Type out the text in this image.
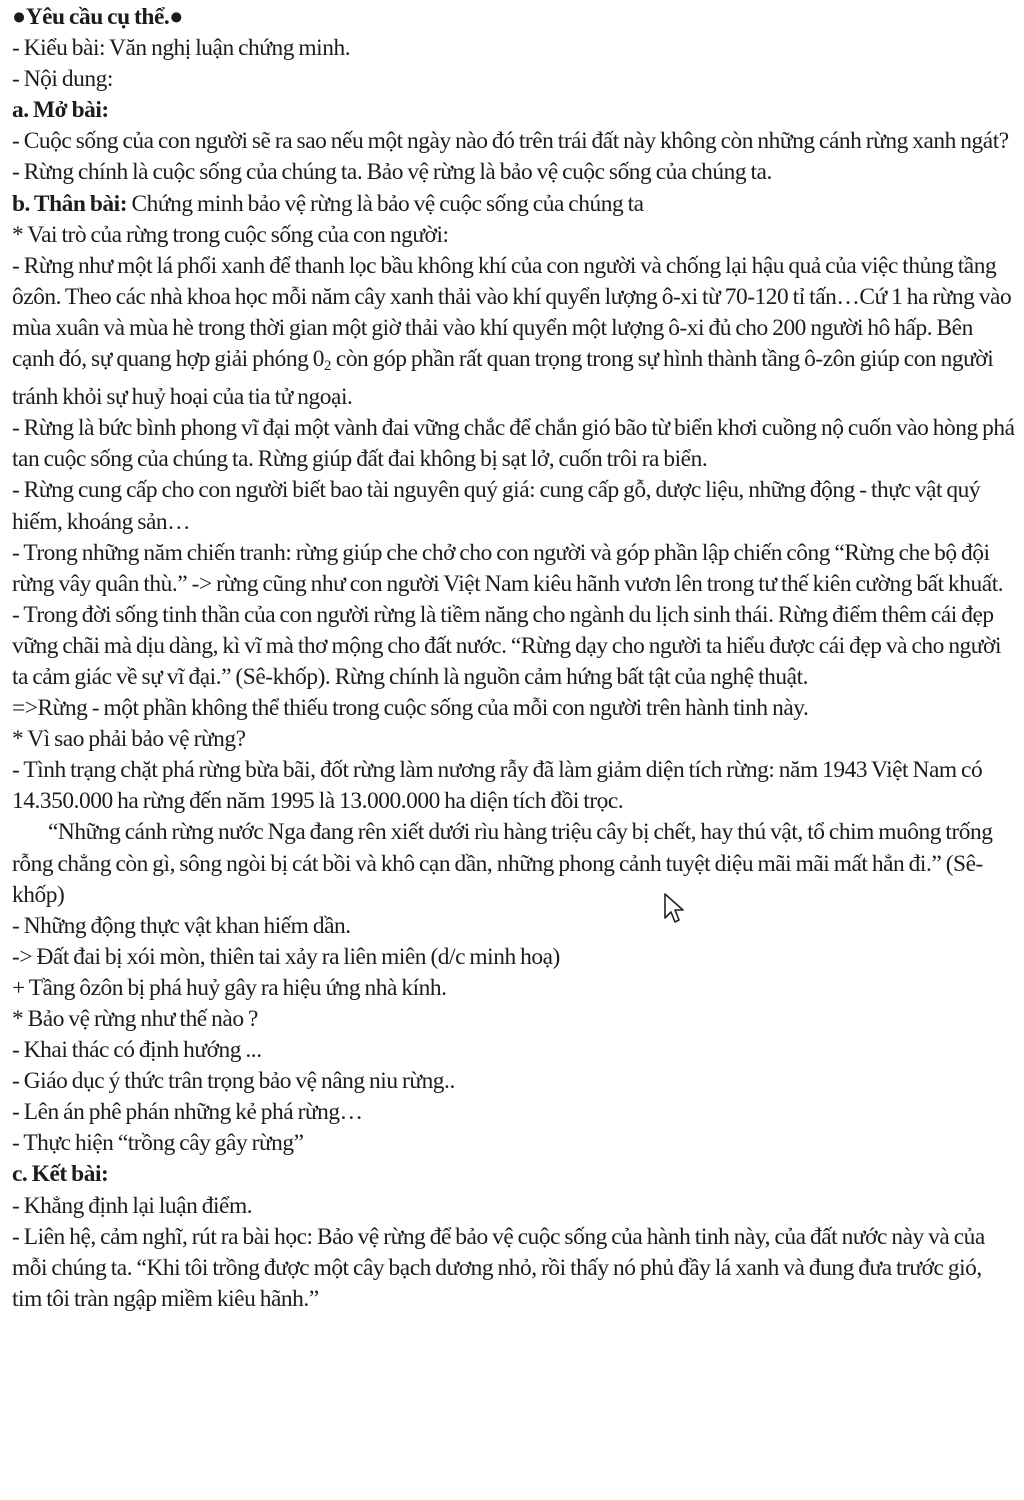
●Yêu cầu cụ thể.●

- Kiểu bài: Văn nghị luận chứng minh.

- Nội dung:

a. Mở bài:

- Cuộc sống của con người sẽ ra sao nếu một ngày nào đó trên trái đất này không còn những cánh rừng xanh ngát?

- Rừng chính là cuộc sống của chúng ta. Bảo vệ rừng là bảo vệ cuộc sống của chúng ta.

b. Thân bài: Chứng minh bảo vệ rừng là bảo vệ cuộc sống của chúng ta

* Vai trò của rừng trong cuộc sống của con người:

- Rừng như một lá phổi xanh để thanh lọc bầu không khí của con người và chống lại hậu quả của việc thủng tầng ôzôn. Theo các nhà khoa học mỗi năm cây xanh thải vào khí quyển lượng ô-xi từ 70-120 tỉ tấn…Cứ 1 ha rừng vào mùa xuân và mùa hè trong thời gian một giờ thải vào khí quyển một lượng ô-xi đủ cho 200 người hô hấp. Bên cạnh đó, sự quang hợp giải phóng $0_2$ còn góp phần rất quan trọng trong sự hình thành tầng ô-zôn giúp con người tránh khỏi sự huỷ hoại của tia tử ngoại.

- Rừng là bức bình phong vĩ đại một vành đai vững chắc để chắn gió bão từ biển khơi cuồng nộ cuốn vào hòng phá tan cuộc sống của chúng ta. Rừng giúp đất đai không bị sạt lở, cuốn trôi ra biển.

- Rừng cung cấp cho con người biết bao tài nguyên quý giá: cung cấp gỗ, dược liệu, những động - thực vật quý hiếm, khoáng sản…

- Trong những năm chiến tranh: rừng giúp che chở cho con người và góp phần lập chiến công “Rừng che bộ đội rừng vây quân thù.” -> rừng cũng như con người Việt Nam kiêu hãnh vươn lên trong tư thế kiên cường bất khuất.

- Trong đời sống tinh thần của con người rừng là tiềm năng cho ngành du lịch sinh thái. Rừng điểm thêm cái đẹp vững chãi mà dịu dàng, kì vĩ mà thơ mộng cho đất nước. “Rừng dạy cho người ta hiểu được cái đẹp và cho người ta cảm giác về sự vĩ đại.” (Sê-khốp). Rừng chính là nguồn cảm hứng bất tật của nghệ thuật.

=>Rừng - một phần không thể thiếu trong cuộc sống của mỗi con người trên hành tinh này.

* Vì sao phải bảo vệ rừng?

- Tình trạng chặt phá rừng bừa bãi, đốt rừng làm nương rẫy đã làm giảm diện tích rừng: năm 1943 Việt Nam có 14.350.000 ha rừng đến năm 1995 là 13.000.000 ha diện tích đồi trọc.

“Những cánh rừng nước Nga đang rên xiết dưới rìu hàng triệu cây bị chết, hay thú vật, tổ chim muông trống rỗng chẳng còn gì, sông ngòi bị cát bồi và khô cạn dần, những phong cảnh tuyệt diệu mãi mãi mất hẳn đi.” (Sê-khốp)

- Những động thực vật khan hiếm dần.

-> Đất đai bị xói mòn, thiên tai xảy ra liên miên (d/c minh hoạ)

+ Tầng ôzôn bị phá huỷ gây ra hiệu ứng nhà kính.

* Bảo vệ rừng như thế nào ?

- Khai thác có định hướng ...

- Giáo dục ý thức trân trọng bảo vệ nâng niu rừng..

- Lên án phê phán những kẻ phá rừng…

- Thực hiện “trồng cây gây rừng”

c. Kết bài:

- Khẳng định lại luận điểm.

- Liên hệ, cảm nghĩ, rút ra bài học: Bảo vệ rừng để bảo vệ cuộc sống của hành tinh này, của đất nước này và của mỗi chúng ta. “Khi tôi trồng được một cây bạch dương nhỏ, rồi thấy nó phủ đầy lá xanh và đung đưa trước gió, tim tôi tràn ngập miềm kiêu hãnh.”
